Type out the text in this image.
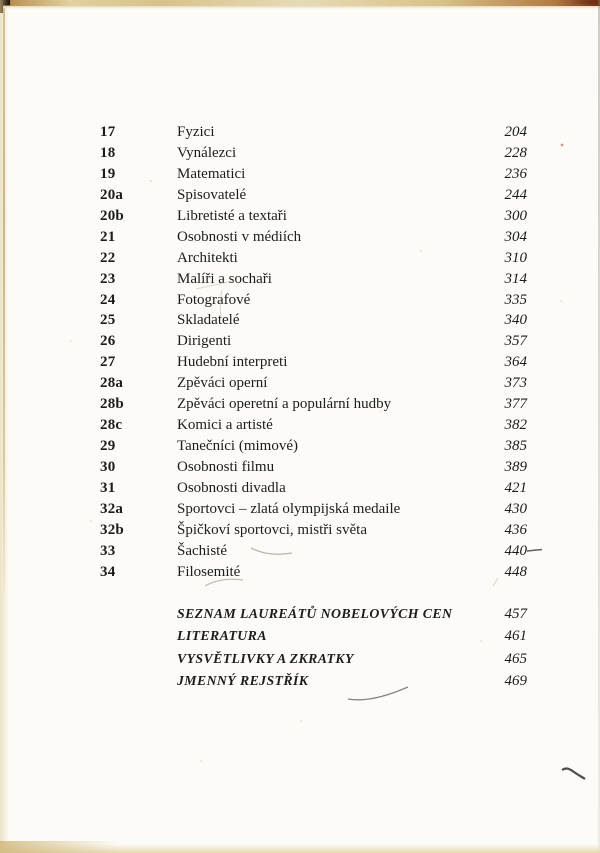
17	Fyzici	204
18	Vynálezci	228
19	Matematici	236
20a	Spisovatelé	244
20b	Libretisté a textaři	300
21	Osobnosti v médiích	304
22	Architekti	310
23	Malíři a sochaři	314
24	Fotografové	335
25	Skladatelé	340
26	Dirigenti	357
27	Hudební interpreti	364
28a	Zpěváci operní	373
28b	Zpěváci operetní a populární hudby	377
28c	Komici a artisté	382
29	Tanečníci (mimové)	385
30	Osobnosti filmu	389
31	Osobnosti divadla	421
32a	Sportovci – zlatá olympijská medaile	430
32b	Špičkoví sportovci, mistři světa	436
33	Šachisté	440
34	Filosemité	448
SEZNAM LAUREÁTŮ NOBELOVÝCH CEN	457
LITERATURA	461
VYSVĚTLIVKY A ZKRATKY	465
JMENNÝ REJSTŘÍK	469
